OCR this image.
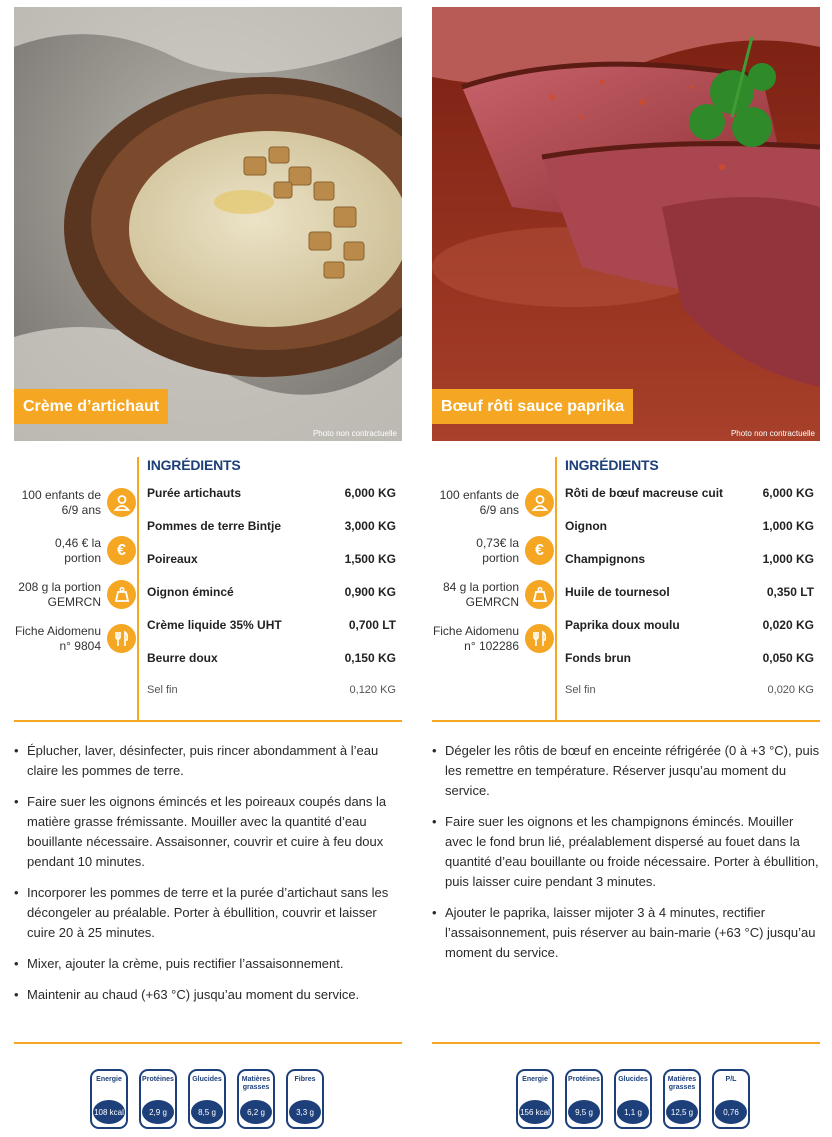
Crème d’artichaut
Photo non contractuelle
100 enfants de 6/9 ans
0,46 € la portion	€
208 g la portion GEMRCN
Fiche Aidomenu n° 9804
INGRÉDIENTS
Purée artichauts	6,000 KG
Pommes de terre Bintje	3,000 KG
Poireaux	1,500 KG
Oignon émincé	0,900 KG
Crème liquide 35% UHT	0,700 LT
Beurre doux	0,150 KG
Sel fin	0,120 KG
• Éplucher, laver, désinfecter, puis rincer abondamment à l’eau claire les pommes de terre.
• Faire suer les oignons émincés et les poireaux coupés dans la matière grasse frémissante. Mouiller avec la quantité d’eau bouillante nécessaire. Assaisonner, couvrir et cuire à feu doux pendant 10 minutes.
• Incorporer les pommes de terre et la purée d’artichaut sans les décongeler au préalable. Porter à ébullition, couvrir et laisser cuire 20 à 25 minutes.
• Mixer, ajouter la crème, puis rectifier l’assaisonnement.
• Maintenir au chaud (+63 °C) jusqu’au moment du service.
Energie
108 kcal
Protéines
2,9 g
Glucides
8,5 g
Matières grasses
6,2 g
Fibres
3,3 g
Bœuf rôti sauce paprika
Photo non contractuelle
100 enfants de 6/9 ans
0,73€ la portion	€
84 g la portion GEMRCN
Fiche Aidomenu n° 102286
INGRÉDIENTS
Rôti de bœuf macreuse cuit	6,000 KG
Oignon	1,000 KG
Champignons	1,000 KG
Huile de tournesol	0,350 LT
Paprika doux moulu	0,020 KG
Fonds brun	0,050 KG
Sel fin	0,020 KG
• Dégeler les rôtis de bœuf en enceinte réfrigérée (0 à +3 °C), puis les remettre en température. Réserver jusqu’au moment du service.
• Faire suer les oignons et les champignons émincés. Mouiller avec le fond brun lié, préalablement dispersé au fouet dans la quantité d’eau bouillante ou froide nécessaire. Porter à ébullition, puis laisser cuire pendant 3 minutes.
• Ajouter le paprika, laisser mijoter 3 à 4 minutes, rectifier l’assaisonnement, puis réserver au bain-marie (+63 °C) jusqu’au moment du service.
Energie
156 kcal
Protéines
9,5 g
Glucides
1,1 g
Matières grasses
12,5 g
P/L
0,76
